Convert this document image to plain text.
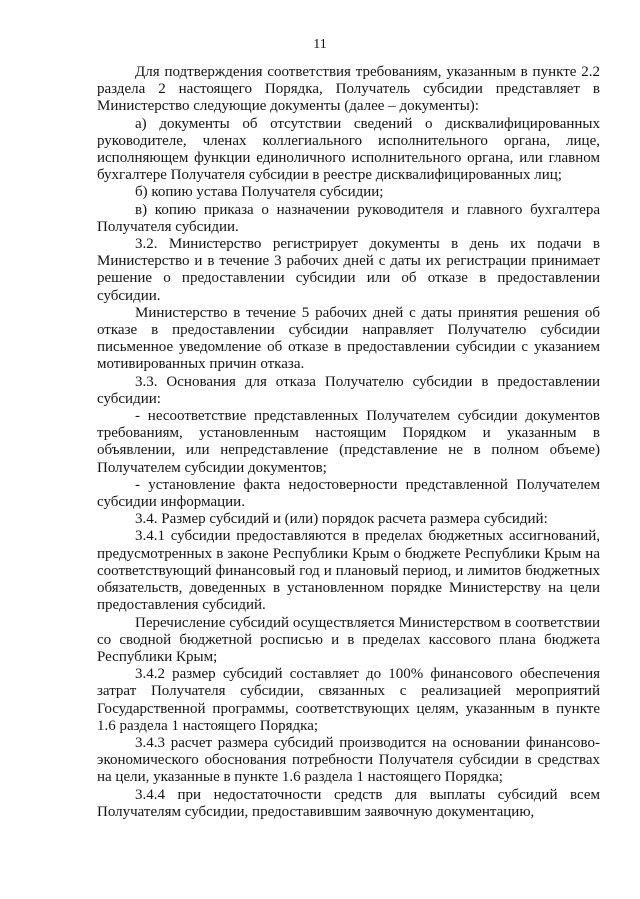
11

Для подтверждения соответствия требованиям, указанным в пункте 2.2 раздела 2 настоящего Порядка, Получатель субсидии представляет в Министерство следующие документы (далее – документы):

а) документы об отсутствии сведений о дисквалифицированных руководителе, членах коллегиального исполнительного органа, лице, исполняющем функции единоличного исполнительного органа, или главном бухгалтере Получателя субсидии в реестре дисквалифицированных лиц;

б) копию устава Получателя субсидии;

в) копию приказа о назначении руководителя и главного бухгалтера Получателя субсидии.

3.2. Министерство регистрирует документы в день их подачи в Министерство и в течение 3 рабочих дней с даты их регистрации принимает решение о предоставлении субсидии или об отказе в предоставлении субсидии.

Министерство в течение 5 рабочих дней с даты принятия решения об отказе в предоставлении субсидии направляет Получателю субсидии письменное уведомление об отказе в предоставлении субсидии с указанием мотивированных причин отказа.

3.3. Основания для отказа Получателю субсидии в предоставлении субсидии:

- несоответствие представленных Получателем субсидии документов требованиям, установленным настоящим Порядком и указанным в объявлении, или непредставление (представление не в полном объеме) Получателем субсидии документов;

- установление факта недостоверности представленной Получателем субсидии информации.

3.4. Размер субсидий и (или) порядок расчета размера субсидий:

3.4.1 субсидии предоставляются в пределах бюджетных ассигнований, предусмотренных в законе Республики Крым о бюджете Республики Крым на соответствующий финансовый год и плановый период, и лимитов бюджетных обязательств, доведенных в установленном порядке Министерству на цели предоставления субсидий.

Перечисление субсидий осуществляется Министерством в соответствии со сводной бюджетной росписью и в пределах кассового плана бюджета Республики Крым;

3.4.2 размер субсидий составляет до 100% финансового обеспечения затрат Получателя субсидии, связанных с реализацией мероприятий Государственной программы, соответствующих целям, указанным в пункте 1.6 раздела 1 настоящего Порядка;

3.4.3 расчет размера субсидий производится на основании финансово-экономического обоснования потребности Получателя субсидии в средствах на цели, указанные в пункте 1.6 раздела 1 настоящего Порядка;

3.4.4 при недостаточности средств для выплаты субсидий всем Получателям субсидии, предоставившим заявочную документацию,
